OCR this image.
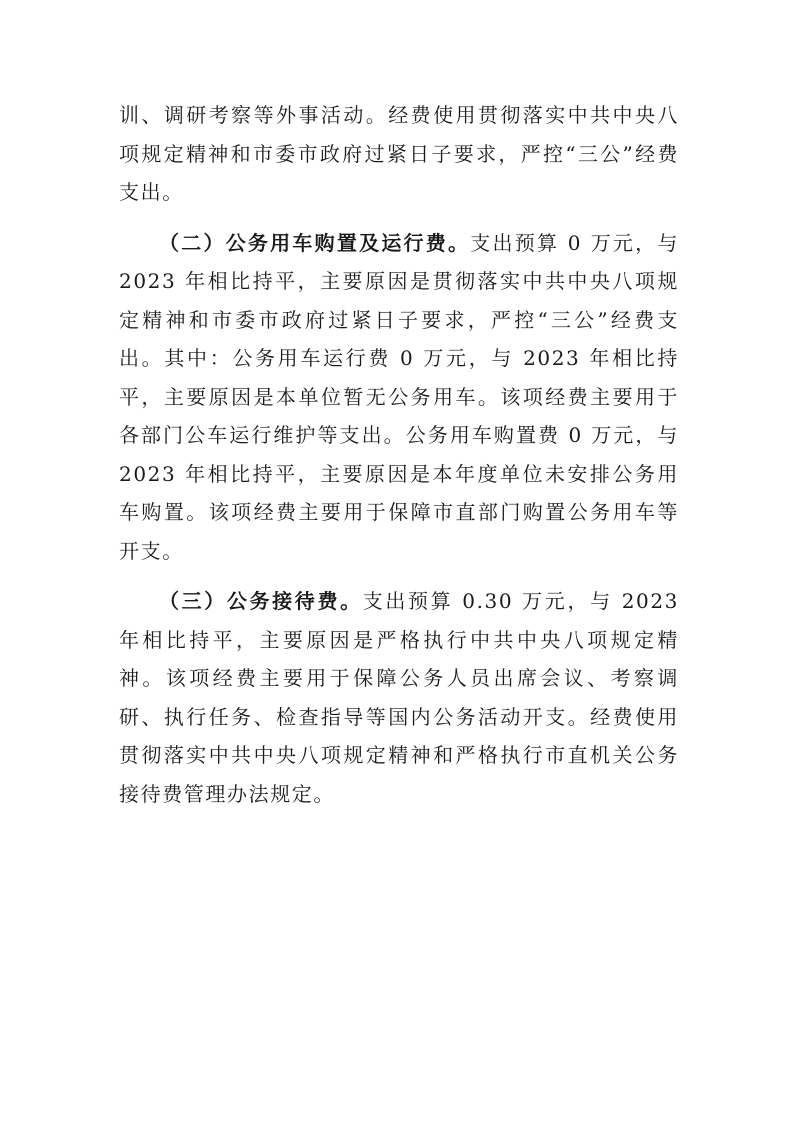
训、调研考察等外事活动。经费使用贯彻落实中共中央八项规定精神和市委市政府过紧日子要求，严控“三公”经费支出。

（二）公务用车购置及运行费。支出预算 0 万元，与 2023 年相比持平，主要原因是贯彻落实中共中央八项规定精神和市委市政府过紧日子要求，严控“三公”经费支出。其中：公务用车运行费 0 万元，与 2023 年相比持平，主要原因是本单位暂无公务用车。该项经费主要用于各部门公车运行维护等支出。公务用车购置费 0 万元，与 2023 年相比持平，主要原因是本年度单位未安排公务用车购置。该项经费主要用于保障市直部门购置公务用车等开支。

（三）公务接待费。支出预算 0.30 万元，与 2023 年相比持平，主要原因是严格执行中共中央八项规定精神。该项经费主要用于保障公务人员出席会议、考察调研、执行任务、检查指导等国内公务活动开支。经费使用贯彻落实中共中央八项规定精神和严格执行市直机关公务接待费管理办法规定。
